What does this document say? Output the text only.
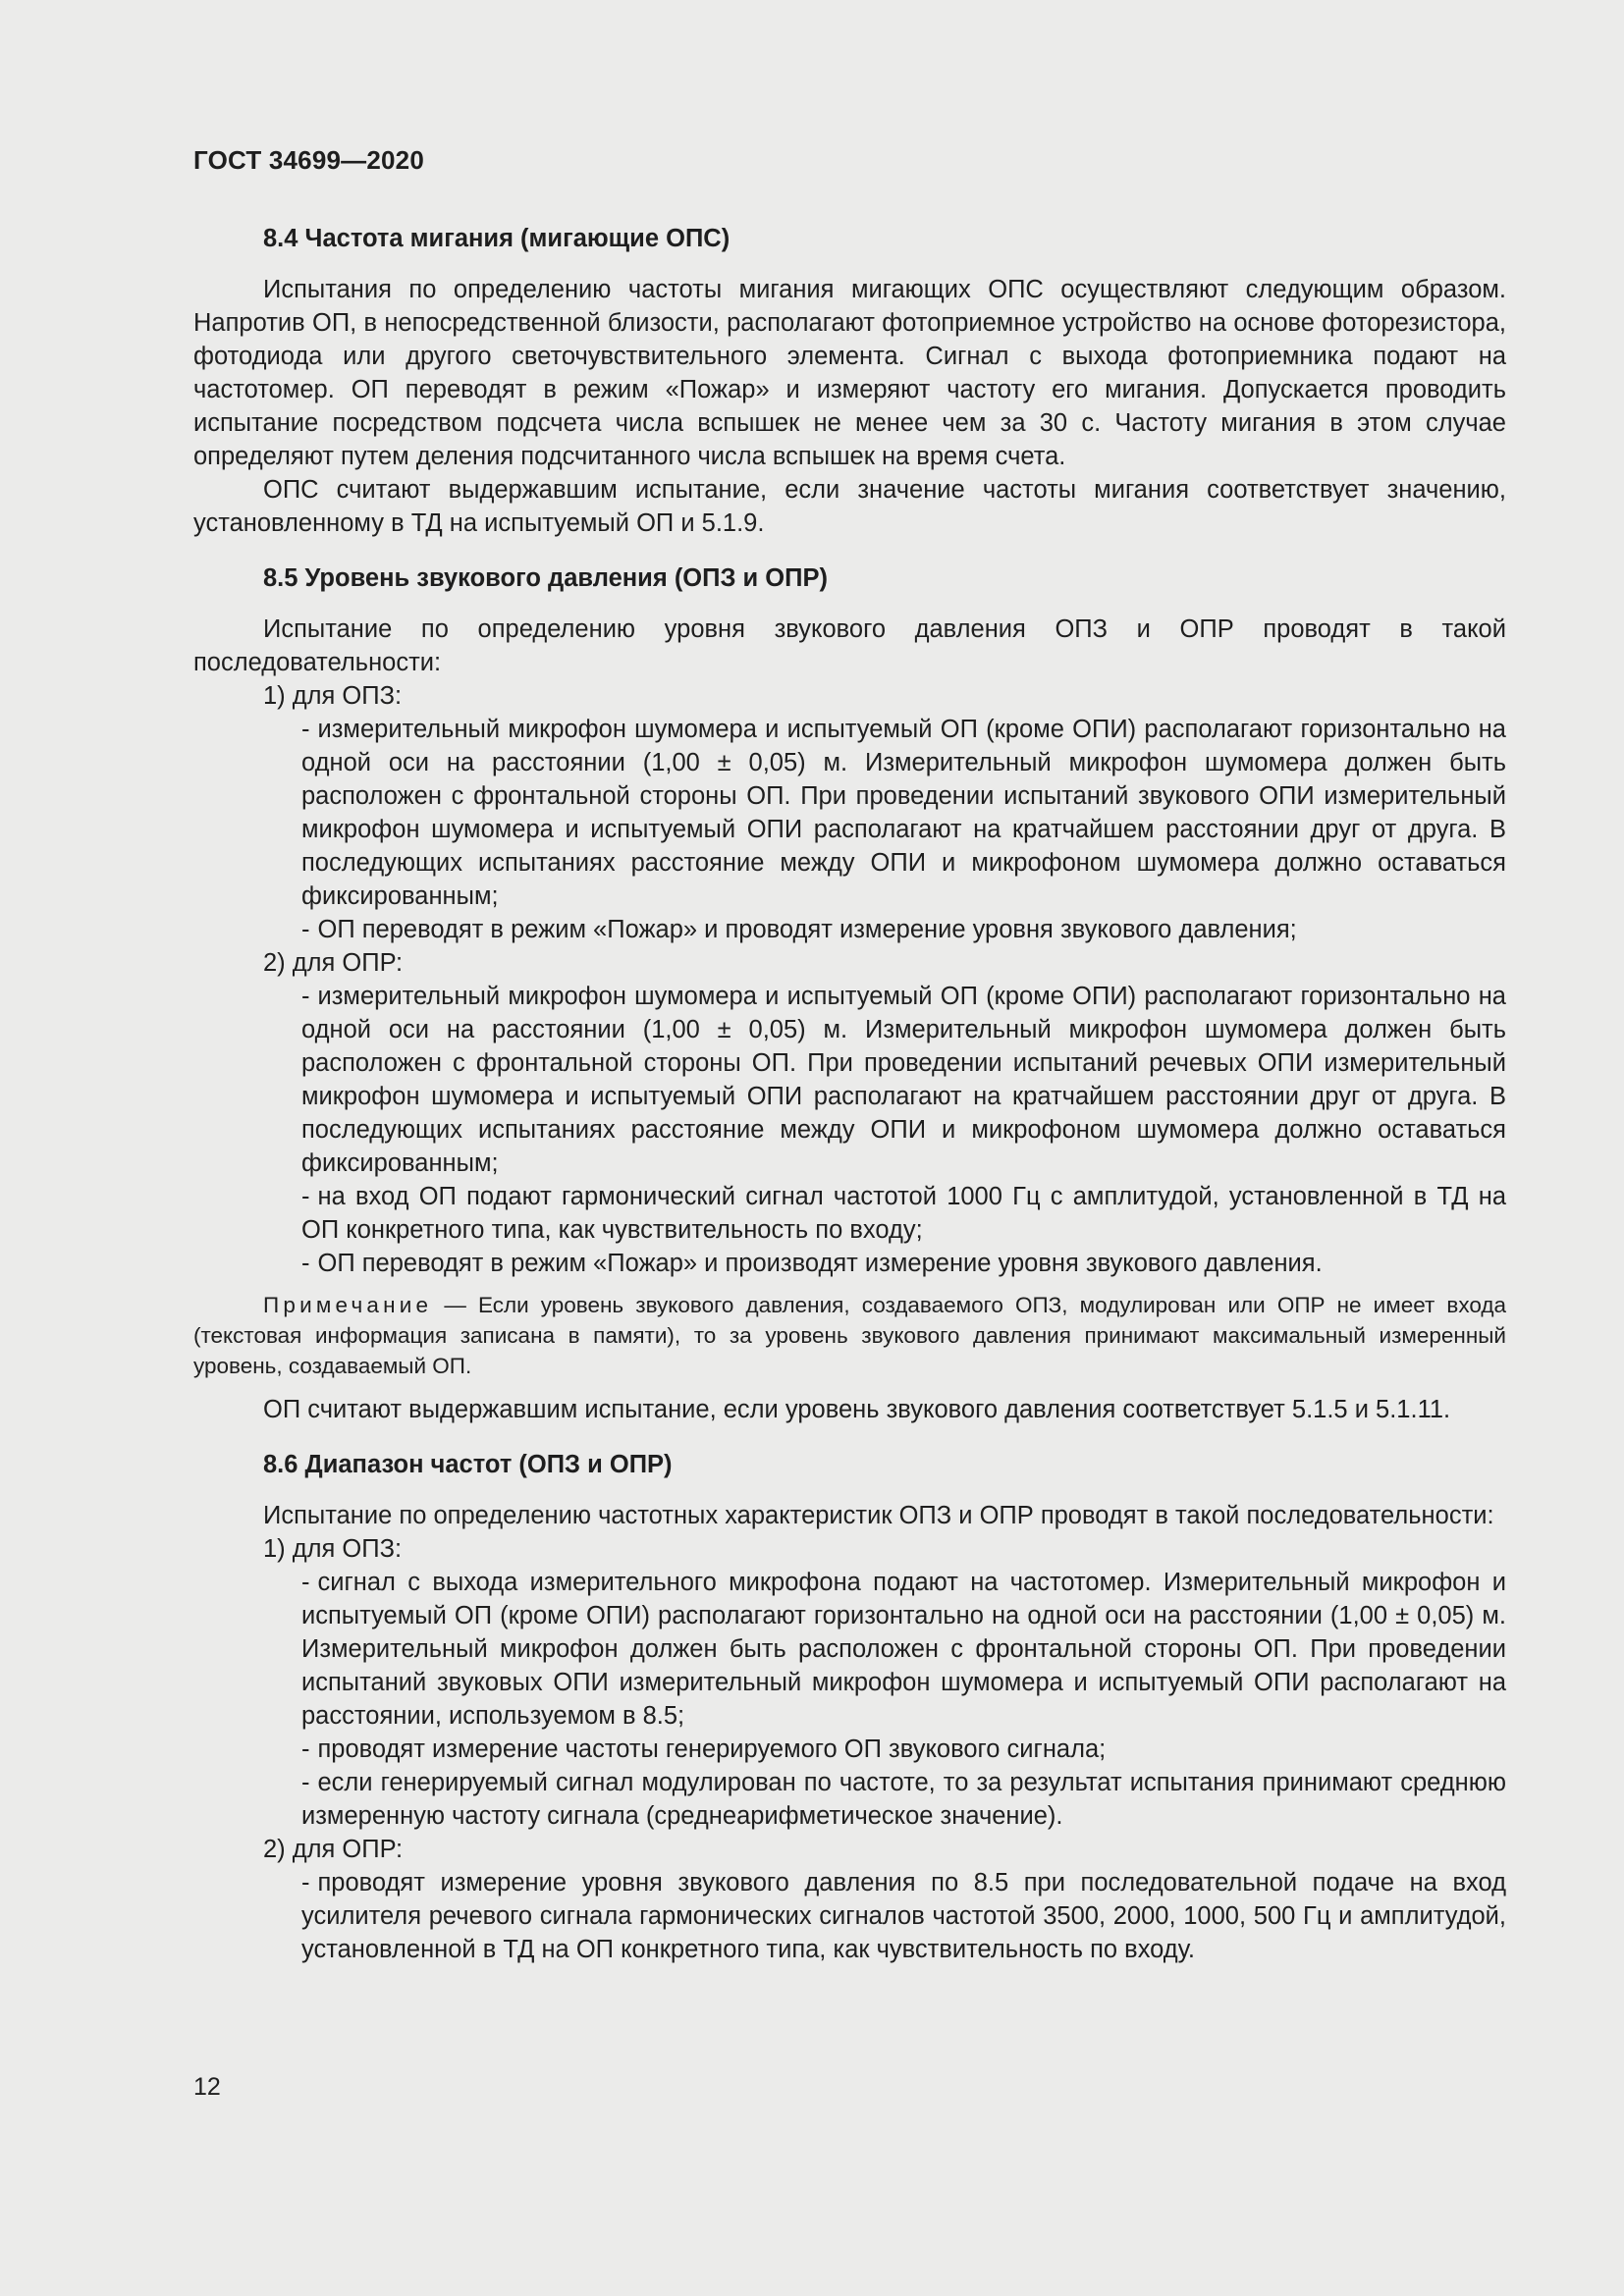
ГОСТ 34699—2020

8.4 Частота мигания (мигающие ОПС)

Испытания по определению частоты мигания мигающих ОПС осуществляют следующим образом. Напротив ОП, в непосредственной близости, располагают фотоприемное устройство на основе фоторезистора, фотодиода или другого светочувствительного элемента. Сигнал с выхода фотоприемника подают на частотомер. ОП переводят в режим «Пожар» и измеряют частоту его мигания. Допускается проводить испытание посредством подсчета числа вспышек не менее чем за 30 с. Частоту мигания в этом случае определяют путем деления подсчитанного числа вспышек на время счета.

ОПС считают выдержавшим испытание, если значение частоты мигания соответствует значению, установленному в ТД на испытуемый ОП и 5.1.9.

8.5 Уровень звукового давления (ОПЗ и ОПР)

Испытание по определению уровня звукового давления ОПЗ и ОПР проводят в такой последовательности:

1) для ОПЗ:

- измерительный микрофон шумомера и испытуемый ОП (кроме ОПИ) располагают горизонтально на одной оси на расстоянии (1,00 ± 0,05) м. Измерительный микрофон шумомера должен быть расположен с фронтальной стороны ОП. При проведении испытаний звукового ОПИ измерительный микрофон шумомера и испытуемый ОПИ располагают на кратчайшем расстоянии друг от друга. В последующих испытаниях расстояние между ОПИ и микрофоном шумомера должно оставаться фиксированным;

- ОП переводят в режим «Пожар» и проводят измерение уровня звукового давления;

2) для ОПР:

- измерительный микрофон шумомера и испытуемый ОП (кроме ОПИ) располагают горизонтально на одной оси на расстоянии (1,00 ± 0,05) м. Измерительный микрофон шумомера должен быть расположен с фронтальной стороны ОП. При проведении испытаний речевых ОПИ измерительный микрофон шумомера и испытуемый ОПИ располагают на кратчайшем расстоянии друг от друга. В последующих испытаниях расстояние между ОПИ и микрофоном шумомера должно оставаться фиксированным;

- на вход ОП подают гармонический сигнал частотой 1000 Гц с амплитудой, установленной в ТД на ОП конкретного типа, как чувствительность по входу;

- ОП переводят в режим «Пожар» и производят измерение уровня звукового давления.

Примечание — Если уровень звукового давления, создаваемого ОПЗ, модулирован или ОПР не имеет входа (текстовая информация записана в памяти), то за уровень звукового давления принимают максимальный измеренный уровень, создаваемый ОП.

ОП считают выдержавшим испытание, если уровень звукового давления соответствует 5.1.5 и 5.1.11.

8.6 Диапазон частот (ОПЗ и ОПР)

Испытание по определению частотных характеристик ОПЗ и ОПР проводят в такой последовательности:

1) для ОПЗ:

- сигнал с выхода измерительного микрофона подают на частотомер. Измерительный микрофон и испытуемый ОП (кроме ОПИ) располагают горизонтально на одной оси на расстоянии (1,00 ± 0,05) м. Измерительный микрофон должен быть расположен с фронтальной стороны ОП. При проведении испытаний звуковых ОПИ измерительный микрофон шумомера и испытуемый ОПИ располагают на расстоянии, используемом в 8.5;

- проводят измерение частоты генерируемого ОП звукового сигнала;

- если генерируемый сигнал модулирован по частоте, то за результат испытания принимают среднюю измеренную частоту сигнала (среднеарифметическое значение).

2) для ОПР:

- проводят измерение уровня звукового давления по 8.5 при последовательной подаче на вход усилителя речевого сигнала гармонических сигналов частотой 3500, 2000, 1000, 500 Гц и амплитудой, установленной в ТД на ОП конкретного типа, как чувствительность по входу.

12
